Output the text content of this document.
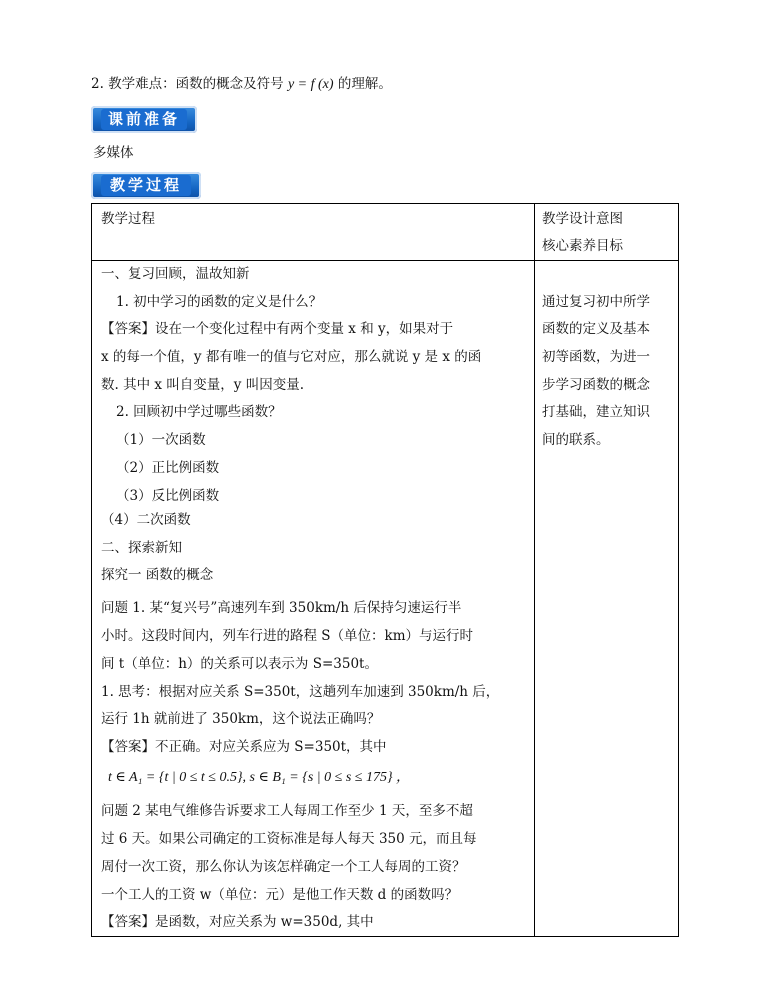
2. 教学难点：函数的概念及符号 y = f (x) 的理解。
课前准备
多媒体
教学过程
教学过程	教学设计意图
核心素养目标
一、复习回顾，温故知新
1. 初中学习的函数的定义是什么？
【答案】设在一个变化过程中有两个变量 x 和 y，如果对于
x 的每一个值，y 都有唯一的值与它对应，那么就说 y 是 x 的函
数. 其中 x 叫自变量，y 叫因变量.
2. 回顾初中学过哪些函数？
（1）一次函数
（2）正比例函数
（3）反比例函数
（4）二次函数
二、探索新知
探究一 函数的概念
问题 1. 某“复兴号”高速列车到 350km/h 后保持匀速运行半
小时。这段时间内，列车行进的路程 S（单位：km）与运行时
间 t（单位：h）的关系可以表示为 S=350t。
1. 思考：根据对应关系 S=350t，这趟列车加速到 350km/h 后，
运行 1h 就前进了 350km，这个说法正确吗？
【答案】不正确。对应关系应为 S=350t，其中
t ∈ A₁ = {t | 0 ≤ t ≤ 0.5}, s ∈ B₁ = {s | 0 ≤ s ≤ 175} ，
问题 2 某电气维修告诉要求工人每周工作至少 1 天，至多不超
过 6 天。如果公司确定的工资标准是每人每天 350 元，而且每
周付一次工资，那么你认为该怎样确定一个工人每周的工资？
一个工人的工资 w（单位：元）是他工作天数 d 的函数吗？
【答案】是函数，对应关系为 w=350d, 其中
通过复习初中所学
函数的定义及基本
初等函数，为进一
步学习函数的概念
打基础，建立知识
间的联系。
